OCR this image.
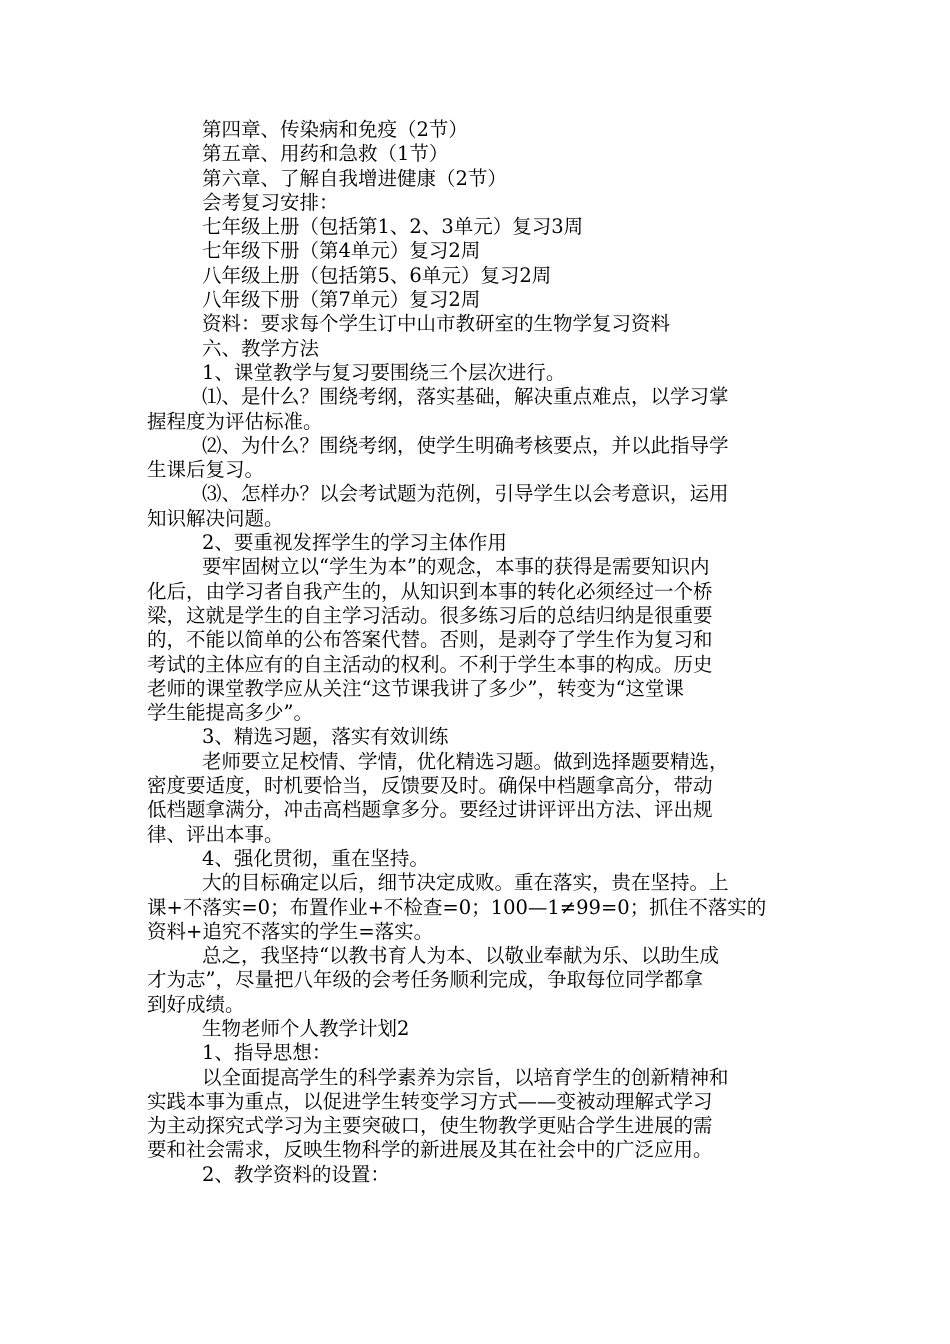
第四章、传染病和免疫（2节）
第五章、用药和急救（1节）
第六章、了解自我增进健康（2节）
会考复习安排：
七年级上册（包括第1、2、3单元）复习3周
七年级下册（第4单元）复习2周
八年级上册（包括第5、6单元）复习2周
八年级下册（第7单元）复习2周
资料：要求每个学生订中山市教研室的生物学复习资料
六、教学方法
1、课堂教学与复习要围绕三个层次进行。
⑴、是什么？围绕考纲，落实基础，解决重点难点，以学习掌
握程度为评估标准。
⑵、为什么？围绕考纲，使学生明确考核要点，并以此指导学
生课后复习。
⑶、怎样办？以会考试题为范例，引导学生以会考意识，运用
知识解决问题。
2、要重视发挥学生的学习主体作用
要牢固树立以“学生为本”的观念，本事的获得是需要知识内
化后，由学习者自我产生的，从知识到本事的转化必须经过一个桥
梁，这就是学生的自主学习活动。很多练习后的总结归纳是很重要
的，不能以简单的公布答案代替。否则，是剥夺了学生作为复习和
考试的主体应有的自主活动的权利。不利于学生本事的构成。历史
老师的课堂教学应从关注“这节课我讲了多少”，转变为“这堂课
学生能提高多少”。
3、精选习题，落实有效训练
老师要立足校情、学情，优化精选习题。做到选择题要精选，
密度要适度，时机要恰当，反馈要及时。确保中档题拿高分，带动
低档题拿满分，冲击高档题拿多分。要经过讲评评出方法、评出规
律、评出本事。
4、强化贯彻，重在坚持。
大的目标确定以后，细节决定成败。重在落实，贵在坚持。上
课+不落实=0；布置作业+不检查=0；100—1≠99=0；抓住不落实的
资料+追究不落实的学生=落实。
总之，我坚持“以教书育人为本、以敬业奉献为乐、以助生成
才为志”，尽量把八年级的会考任务顺利完成，争取每位同学都拿
到好成绩。
生物老师个人教学计划2
1、指导思想：
以全面提高学生的科学素养为宗旨，以培育学生的创新精神和
实践本事为重点，以促进学生转变学习方式——变被动理解式学习
为主动探究式学习为主要突破口，使生物教学更贴合学生进展的需
要和社会需求，反映生物科学的新进展及其在社会中的广泛应用。
2、教学资料的设置：
